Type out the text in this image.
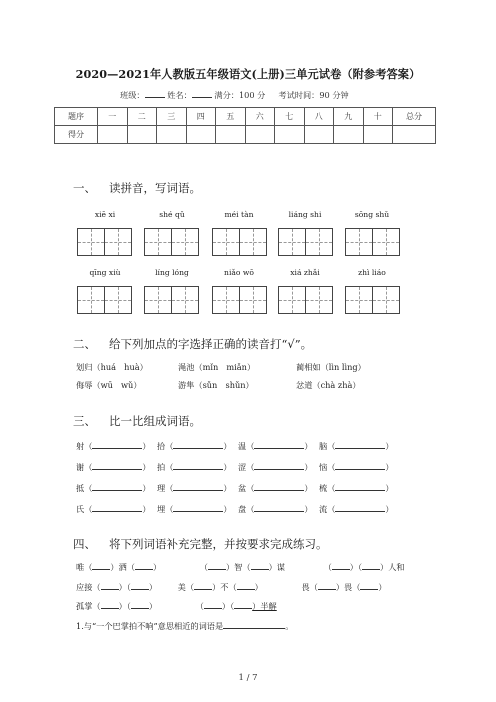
2020—2021年人教版五年级语文(上册)三单元试卷（附参考答案）
班级：	姓名：	满分：100 分 考试时间：90 分钟
题序	一	二	三	四	五	六	七	八	九	十	总分
得分											
一、 读拼音，写词语。
xiē xi	shé qǔ	méi tàn	liáng shi	sōng shǔ
qīng xiù	líng lóng	niǎo wō	xiá zhǎi	zhì liáo
二、 给下列加点的字选择正确的读音打“√”。
划归（huá　huà）	渑池（mǐn　miǎn）	蔺相如（lìn lìng）
侮辱（wū　wǔ）	游隼（sǔn　shǔn）	忿道（chà zhà）
三、 比一比组成词语。
射（	） 拾（	） 温（	） 脑（	）
谢（	） 拍（	） 涩（	） 恼（	）
抵（	） 理（	） 盆（	） 梳（	）
氏（	） 埋（	） 盘（	） 流（	）
四、 将下列词语补充完整，并按要求完成练习。
唯（ ）洒（ ）	（ ）智（ ）谋	（ ）（ ）人和
应接（ ）（ ）	美（ ）不（ ）	畏（ ）畏（ ）
孤掌（ ）（ ）	（ ）（ ）半解
1.与“一个巴掌拍不响”意思相近的词语是	。
1 / 7
